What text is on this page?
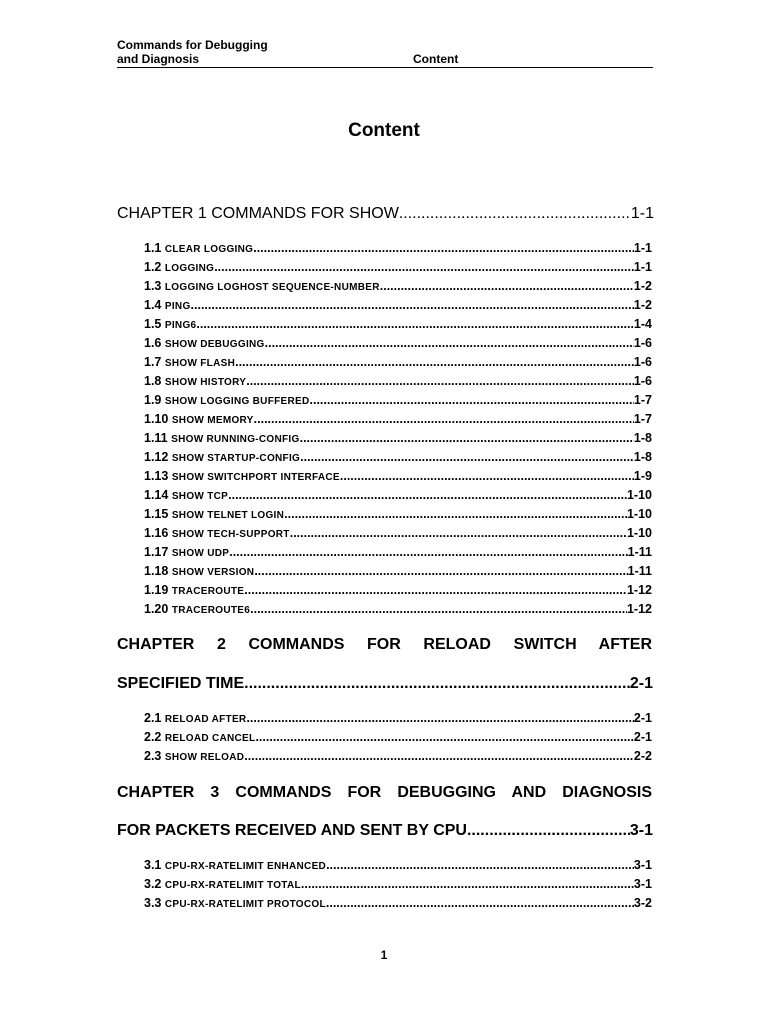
Commands for Debugging
and Diagnosis	Content
Content
CHAPTER 1 COMMANDS FOR SHOW .....	1-1
1.1 CLEAR LOGGING .....	1-1
1.2 LOGGING .....	1-1
1.3 LOGGING LOGHOST SEQUENCE-NUMBER .....	1-2
1.4 PING .....	1-2
1.5 PING6 .....	1-4
1.6 SHOW DEBUGGING .....	1-6
1.7 SHOW FLASH .....	1-6
1.8 SHOW HISTORY .....	1-6
1.9 SHOW LOGGING BUFFERED .....	1-7
1.10 SHOW MEMORY .....	1-7
1.11 SHOW RUNNING-CONFIG .....	1-8
1.12 SHOW STARTUP-CONFIG .....	1-8
1.13 SHOW SWITCHPORT INTERFACE .....	1-9
1.14 SHOW TCP .....	1-10
1.15 SHOW TELNET LOGIN .....	1-10
1.16 SHOW TECH-SUPPORT .....	1-10
1.17 SHOW UDP .....	1-11
1.18 SHOW VERSION .....	1-11
1.19 TRACEROUTE .....	1-12
1.20 TRACEROUTE6 .....	1-12
CHAPTER 2 COMMANDS FOR RELOAD SWITCH AFTER
SPECIFIED TIME .....	2-1
2.1 RELOAD AFTER .....	2-1
2.2 RELOAD CANCEL .....	2-1
2.3 SHOW RELOAD .....	2-2
CHAPTER 3 COMMANDS FOR DEBUGGING AND DIAGNOSIS
FOR PACKETS RECEIVED AND SENT BY CPU .....	3-1
3.1 CPU-RX-RATELIMIT ENHANCED .....	3-1
3.2 CPU-RX-RATELIMIT TOTAL .....	3-1
3.3 CPU-RX-RATELIMIT PROTOCOL .....	3-2
1
